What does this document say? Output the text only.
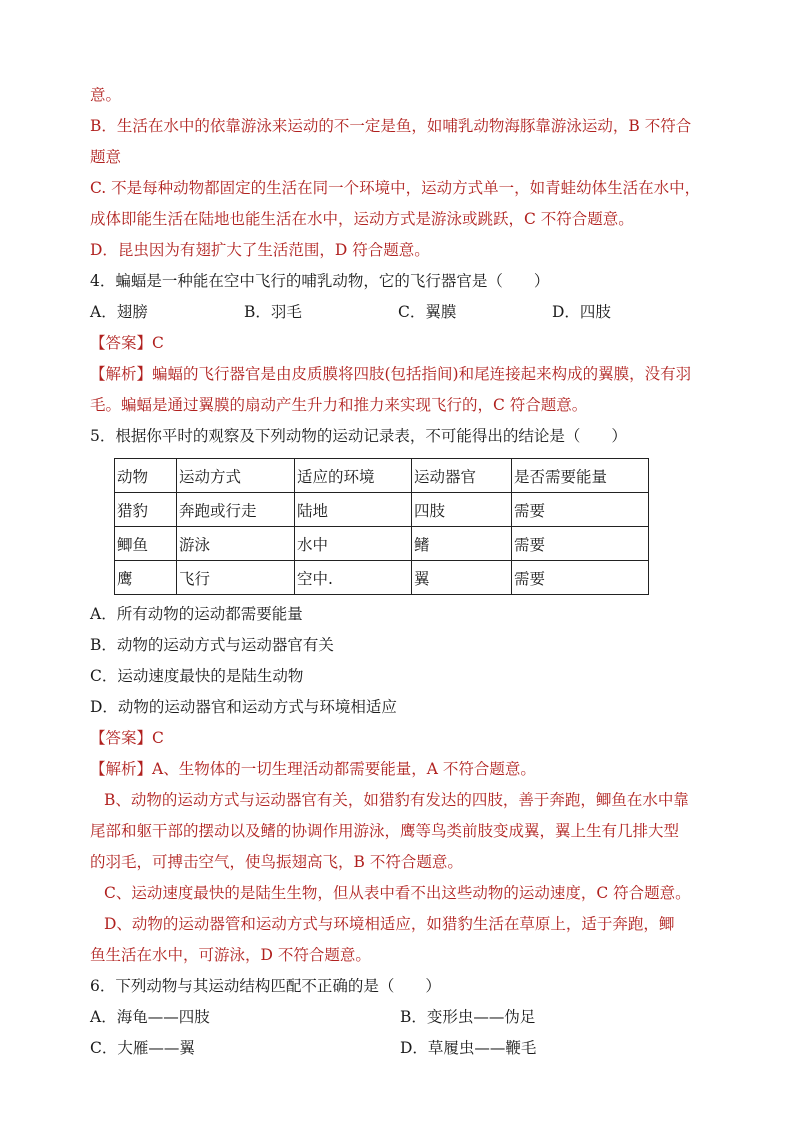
意。
B．生活在水中的依靠游泳来运动的不一定是鱼，如哺乳动物海豚靠游泳运动，B 不符合
题意
C. 不是每种动物都固定的生活在同一个环境中，运动方式单一，如青蛙幼体生活在水中，
成体即能生活在陆地也能生活在水中，运动方式是游泳或跳跃，C 不符合题意。
D．昆虫因为有翅扩大了生活范围，D 符合题意。
4．蝙蝠是一种能在空中飞行的哺乳动物，它的飞行器官是（　　）
A．翅膀	B．羽毛	C．翼膜	D．四肢
【答案】C
【解析】蝙蝠的飞行器官是由皮质膜将四肢(包括指间)和尾连接起来构成的翼膜，没有羽
毛。蝙蝠是通过翼膜的扇动产生升力和推力来实现飞行的，C 符合题意。
5．根据你平时的观察及下列动物的运动记录表，不可能得出的结论是（　　）
动物	运动方式	适应的环境	运动器官	是否需要能量
猎豹	奔跑或行走	陆地	四肢	需要
鲫鱼	游泳	水中	鳍	需要
鹰	飞行	空中.	翼	需要
A．所有动物的运动都需要能量
B．动物的运动方式与运动器官有关
C．运动速度最快的是陆生动物
D．动物的运动器官和运动方式与环境相适应
【答案】C
【解析】A、生物体的一切生理活动都需要能量，A 不符合题意。
B、动物的运动方式与运动器官有关，如猎豹有发达的四肢，善于奔跑，鲫鱼在水中靠
尾部和躯干部的摆动以及鳍的协调作用游泳，鹰等鸟类前肢变成翼，翼上生有几排大型
的羽毛，可搏击空气，使鸟振翅高飞，B 不符合题意。
C、运动速度最快的是陆生生物，但从表中看不出这些动物的运动速度，C 符合题意。
D、动物的运动器管和运动方式与环境相适应，如猎豹生活在草原上，适于奔跑，鲫
鱼生活在水中，可游泳，D 不符合题意。
6．下列动物与其运动结构匹配不正确的是（　　）
A．海龟——四肢	B．变形虫——伪足
C．大雁——翼	D．草履虫——鞭毛
